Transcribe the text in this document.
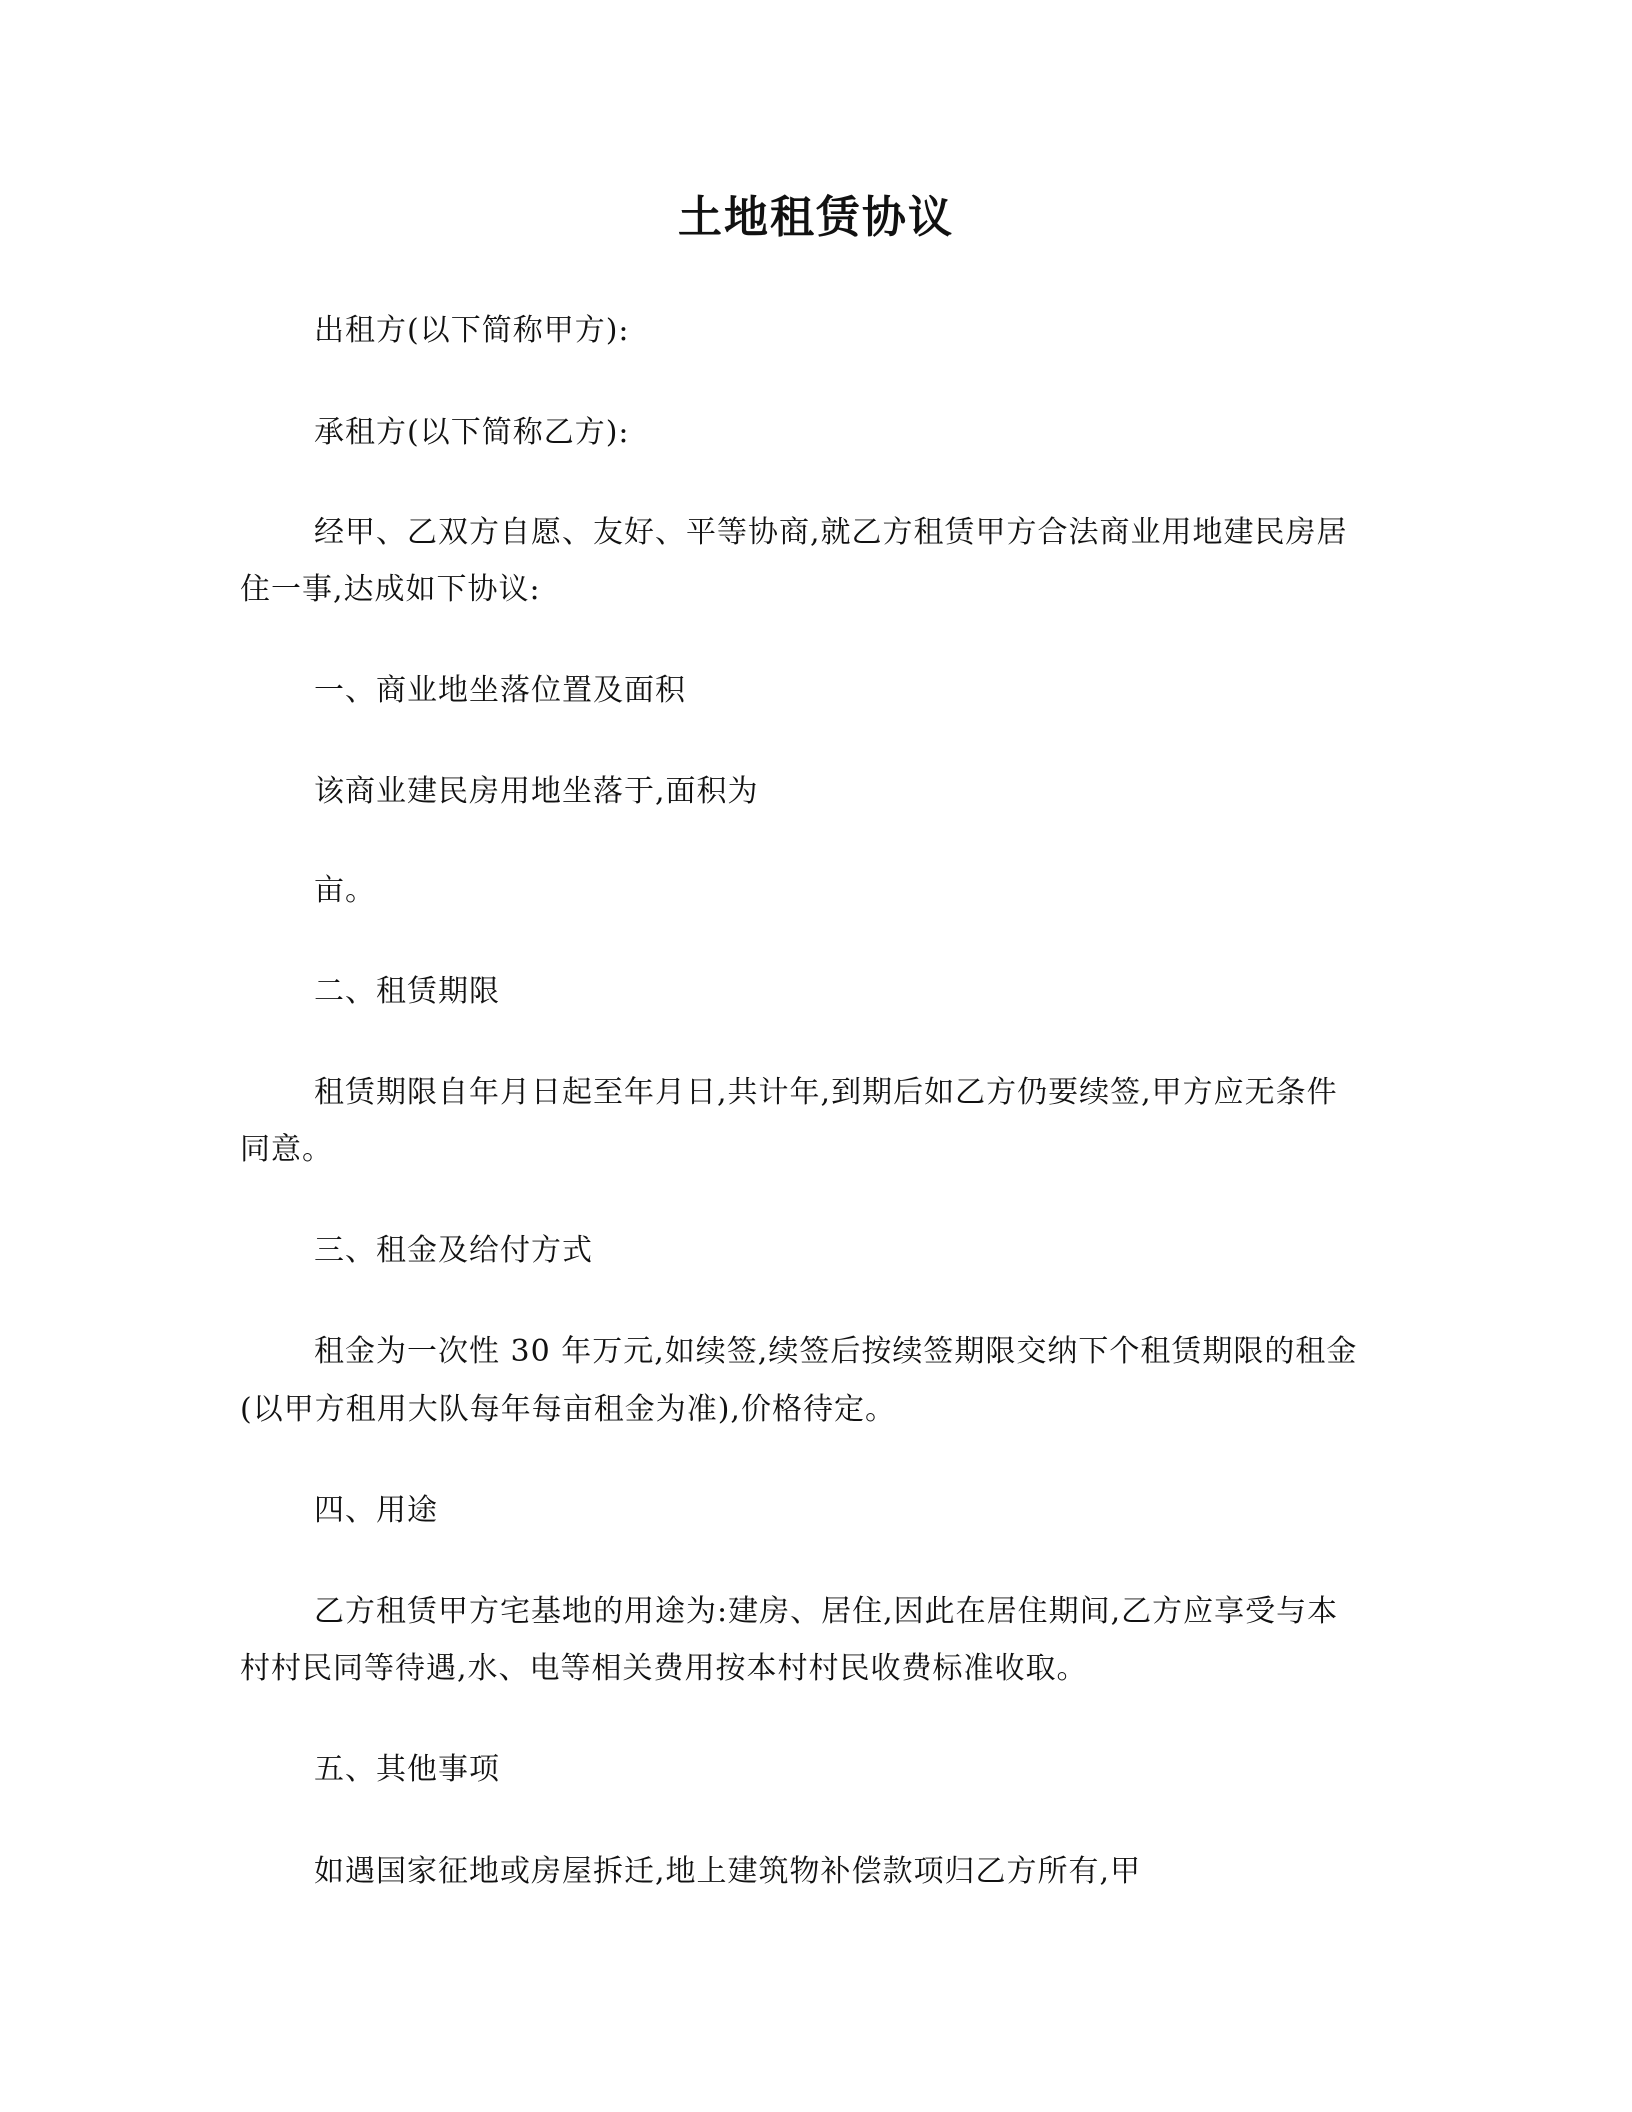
土地租赁协议
出租方(以下简称甲方):
承租方(以下简称乙方):
经甲、乙双方自愿、友好、平等协商,就乙方租赁甲方合法商业用地建民房居
住一事,达成如下协议:
一、商业地坐落位置及面积
该商业建民房用地坐落于,面积为
亩。
二、租赁期限
租赁期限自年月日起至年月日,共计年,到期后如乙方仍要续签,甲方应无条件
同意。
三、租金及给付方式
租金为一次性 30 年万元,如续签,续签后按续签期限交纳下个租赁期限的租金
(以甲方租用大队每年每亩租金为准),价格待定。
四、用途
乙方租赁甲方宅基地的用途为:建房、居住,因此在居住期间,乙方应享受与本
村村民同等待遇,水、电等相关费用按本村村民收费标准收取。
五、其他事项
如遇国家征地或房屋拆迁,地上建筑物补偿款项归乙方所有,甲
